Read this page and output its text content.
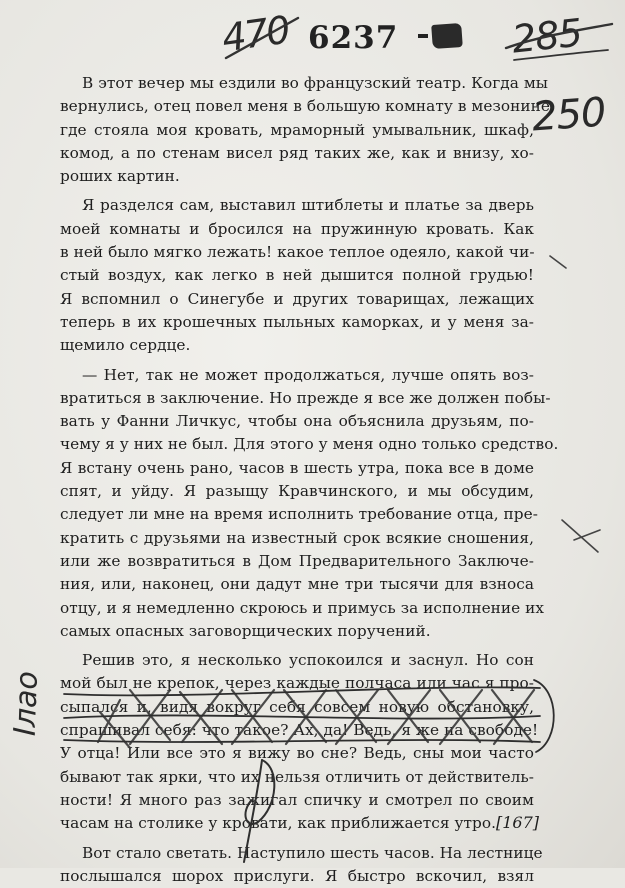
6237
470	285
250
Ілао

В этот вечер мы ездили во французский театр. Когда мы
вернулись, отец повел меня в большую комнату в мезонине,
где стояла моя кровать, мраморный умывальник, шкаф,
комод, а по стенам висел ряд таких же, как и внизу, хо-
роших картин.

Я разделся сам, выставил штиблеты и платье за дверь
моей комнаты и бросился на пружинную кровать. Как
в ней было мягко лежать! какое теплое одеяло, какой чи-
стый воздух, как легко в ней дышится полной грудью!
Я вспомнил о Синегубе и других товарищах, лежащих
теперь в их крошечных пыльных каморках, и у меня за-
щемило сердце.

— Нет, так не может продолжаться, лучше опять воз-
вратиться в заключение. Но прежде я все же должен побы-
вать у Фанни Личкус, чтобы она объяснила друзьям, по-
чему я у них не был. Для этого у меня одно только средство.
Я встану очень рано, часов в шесть утра, пока все в доме
спят, и уйду. Я разыщу Кравчинского, и мы обсудим,
следует ли мне на время исполнить требование отца, пре-
кратить с друзьями на известный срок всякие сношения,
или же возвратиться в Дом Предварительного Заключе-
ния, или, наконец, они дадут мне три тысячи для взноса
отцу, и я немедленно скроюсь и примусь за исполнение их
самых опасных заговорщических поручений.

Решив это, я несколько успокоился и заснул. Но сон
мой был не крепок, через каждые полчаса или час я про-
сыпался и, видя вокруг себя совсем новую обстановку,
спрашивал себя: что такое? Ах, да! Ведь, я же на свободе!
У отца! Или все это я вижу во сне? Ведь, сны мои часто
бывают так ярки, что их нельзя отличить от действитель-
ности! Я много раз зажигал спичку и смотрел по своим
часам на столике у кровати, как приближается утро.

Вот стало светать. Наступило шесть часов. На лестнице
послышался шорох прислуги. Я быстро вскочил, взял

[167]
